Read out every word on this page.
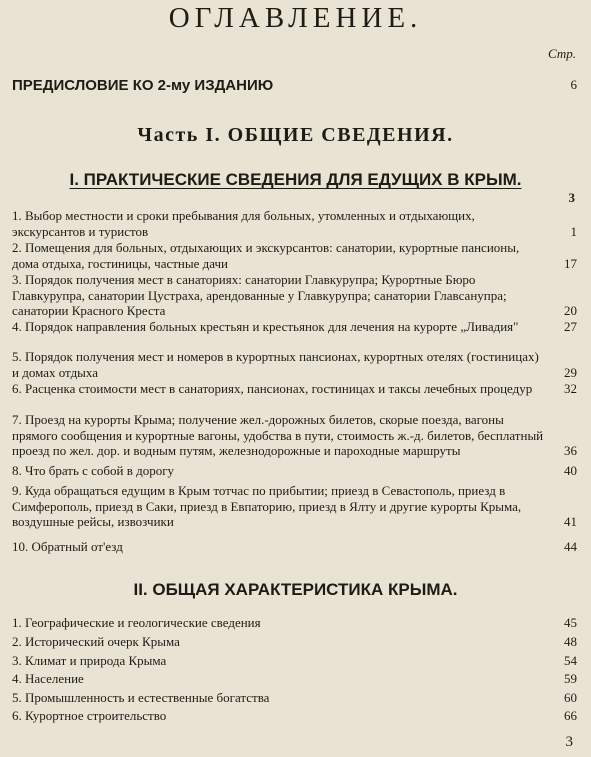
ОГЛАВЛЕНИЕ.
Стр.
ПРЕДИСЛОВИЕ КО 2-му ИЗДАНИЮ	6
Часть I. ОБЩИЕ СВЕДЕНИЯ.
I. ПРАКТИЧЕСКИЕ СВЕДЕНИЯ ДЛЯ ЕДУЩИХ В КРЫМ.
3
1. Выбор местности и сроки пребывания для больных, утомленных и отдыхающих, экскурсантов и туристов	1
2. Помещения для больных, отдыхающих и экскурсантов: санатории, курортные пансионы, дома отдыха, гостиницы, частные дачи	17
3. Порядок получения мест в санаториях: санатории Главкурупра; Курортные Бюро Главкурупра, санатории Цустраха, арендованные у Главкурупра; санатории Главсанупра; санатории Красного Креста	20
4. Порядок направления больных крестьян и крестьянок для лечения на курорте „Ливадия"	27
5. Порядок получения мест и номеров в курортных пансионах, курортных отелях (гостиницах) и домах отдыха	29
6. Расценка стоимости мест в санаториях, пансионах, гостиницах и таксы лечебных процедур	32
7. Проезд на курорты Крыма; получение жел.-дорожных билетов, скорые поезда, вагоны прямого сообщения и курортные вагоны, удобства в пути, стоимость ж.-д. билетов, бесплатный проезд по жел. дор. и водным путям, железнодорожные и пароходные маршруты	36
8. Что брать с собой в дорогу	40
9. Куда обращаться едущим в Крым тотчас по прибытии; приезд в Севастополь, приезд в Симферополь, приезд в Саки, приезд в Евпаторию, приезд в Ялту и другие курорты Крыма, воздушные рейсы, извозчики	41
10. Обратный от'езд	44
II. ОБЩАЯ ХАРАКТЕРИСТИКА КРЫМА.
1. Географические и геологические сведения	45
2. Исторический очерк Крыма	48
3. Климат и природа Крыма	54
4. Население	59
5. Промышленность и естественные богатства	60
6. Курортное строительство	66
3
